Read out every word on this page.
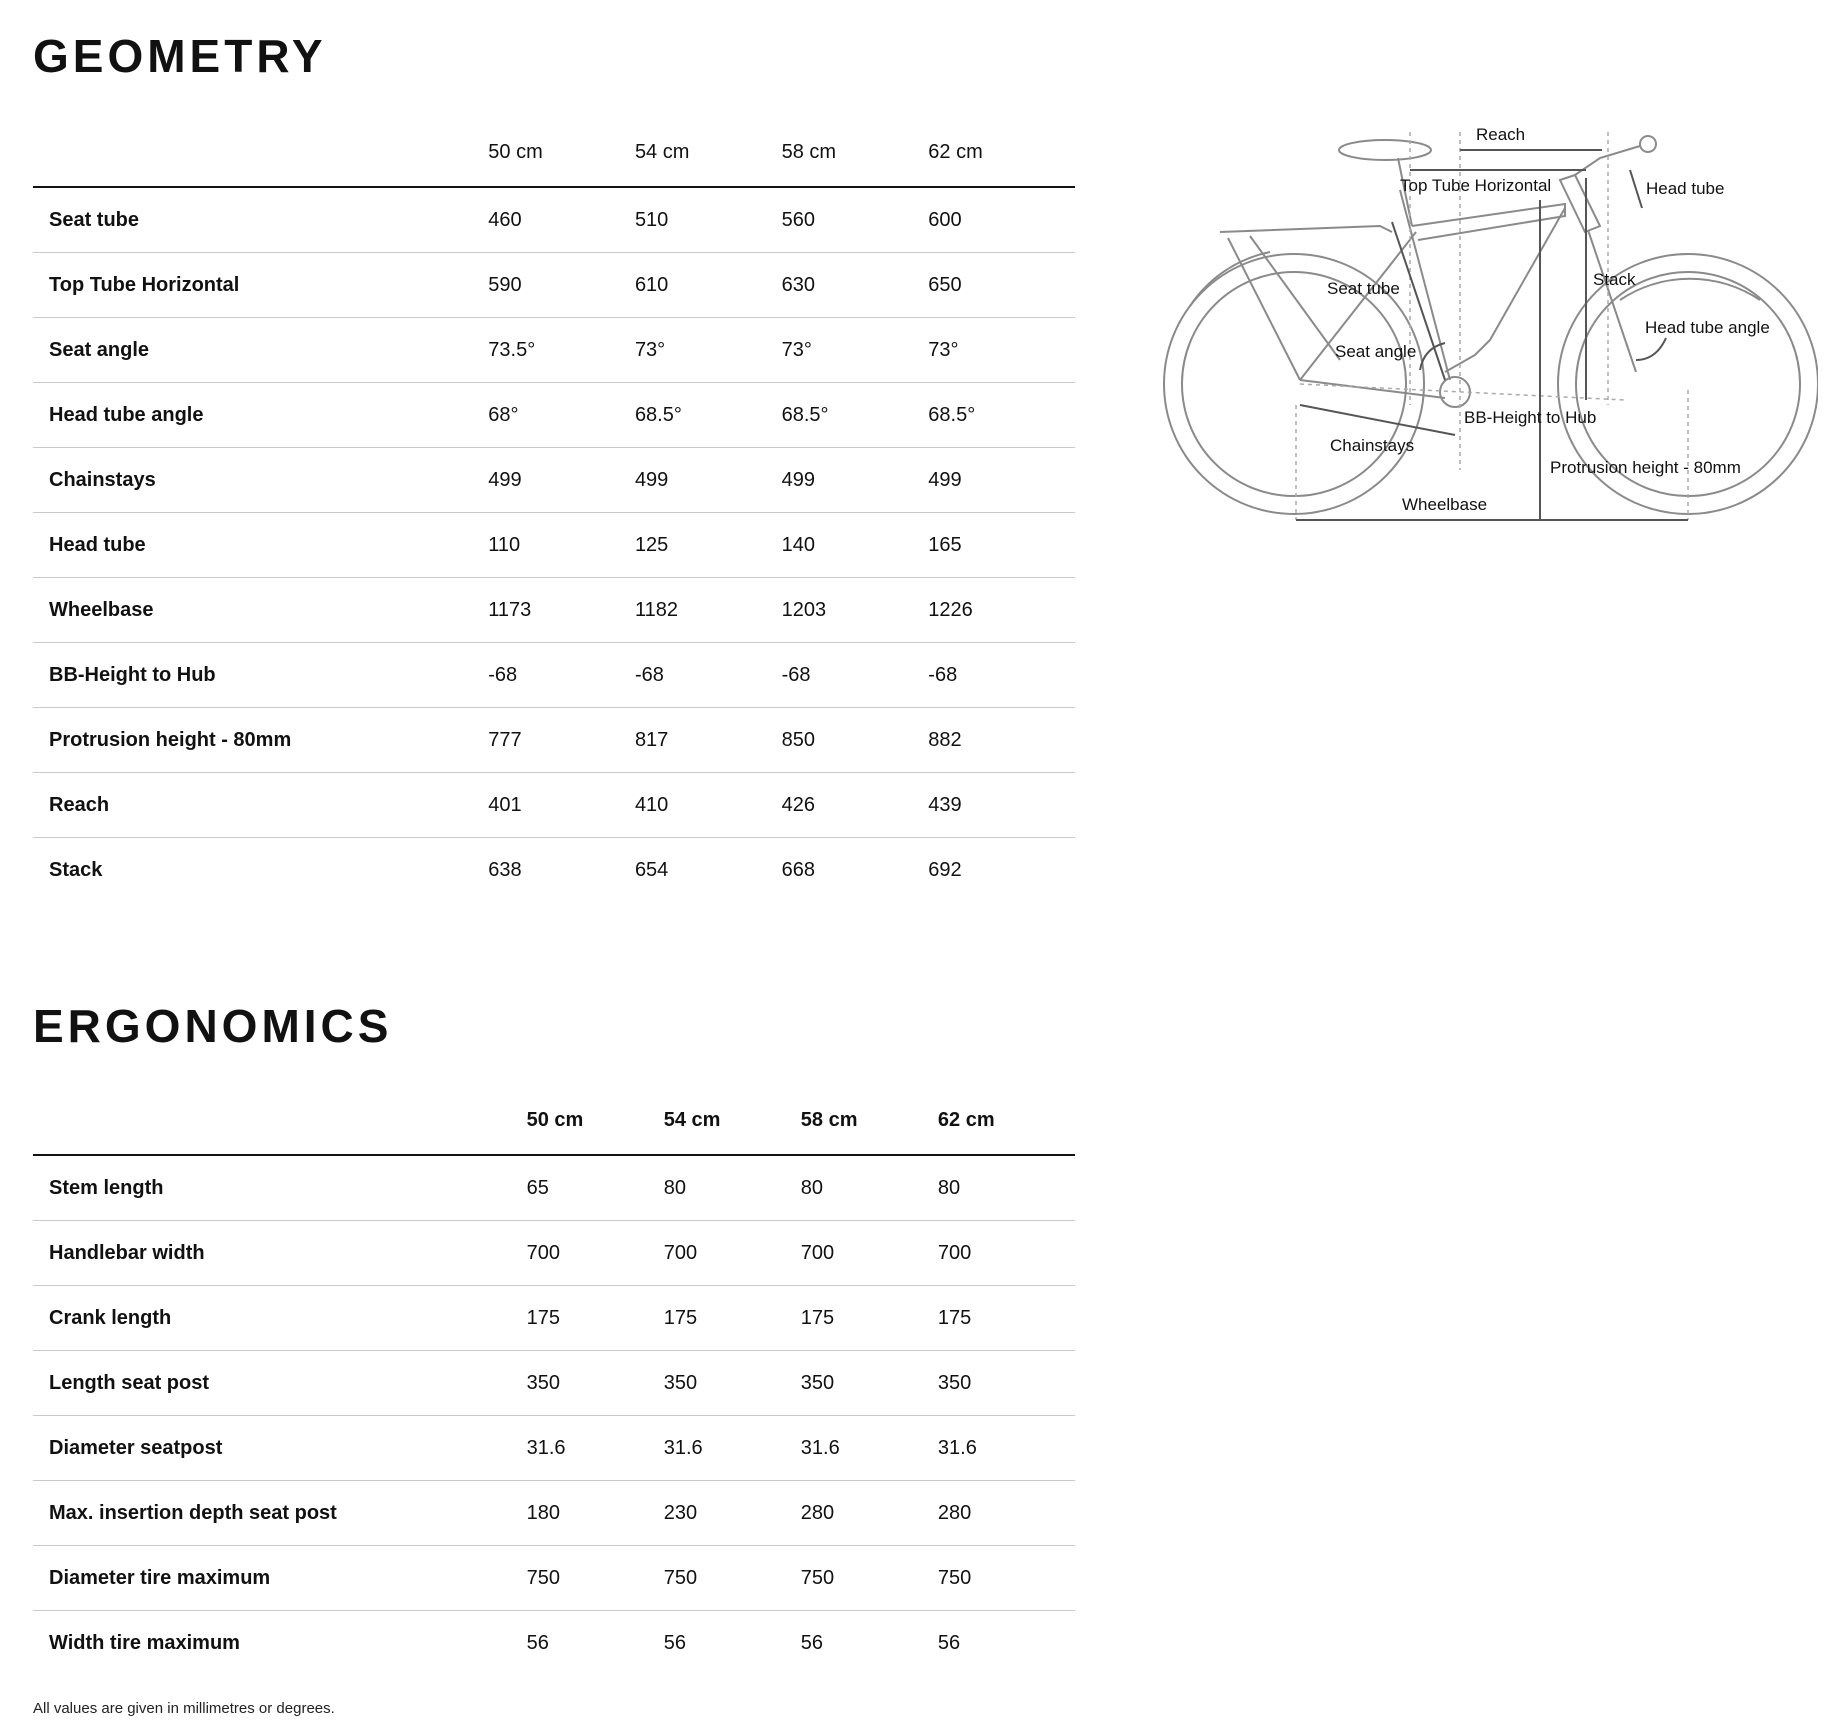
GEOMETRY
	50 cm	54 cm	58 cm	62 cm
Seat tube	460	510	560	600
Top Tube Horizontal	590	610	630	650
Seat angle	73.5°	73°	73°	73°
Head tube angle	68°	68.5°	68.5°	68.5°
Chainstays	499	499	499	499
Head tube	110	125	140	165
Wheelbase	1173	1182	1203	1226
BB-Height to Hub	-68	-68	-68	-68
Protrusion height - 80mm	777	817	850	882
Reach	401	410	426	439
Stack	638	654	668	692
Reach
Top Tube Horizontal	Head tube
Seat tube	Stack
Head tube angle
Seat angle
BB-Height to Hub
Chainstays
Protrusion height - 80mm
Wheelbase
ERGONOMICS
	50 cm	54 cm	58 cm	62 cm
Stem length	65	80	80	80
Handlebar width	700	700	700	700
Crank length	175	175	175	175
Length seat post	350	350	350	350
Diameter seatpost	31.6	31.6	31.6	31.6
Max. insertion depth seat post	180	230	280	280
Diameter tire maximum	750	750	750	750
Width tire maximum	56	56	56	56

All values are given in millimetres or degrees.
